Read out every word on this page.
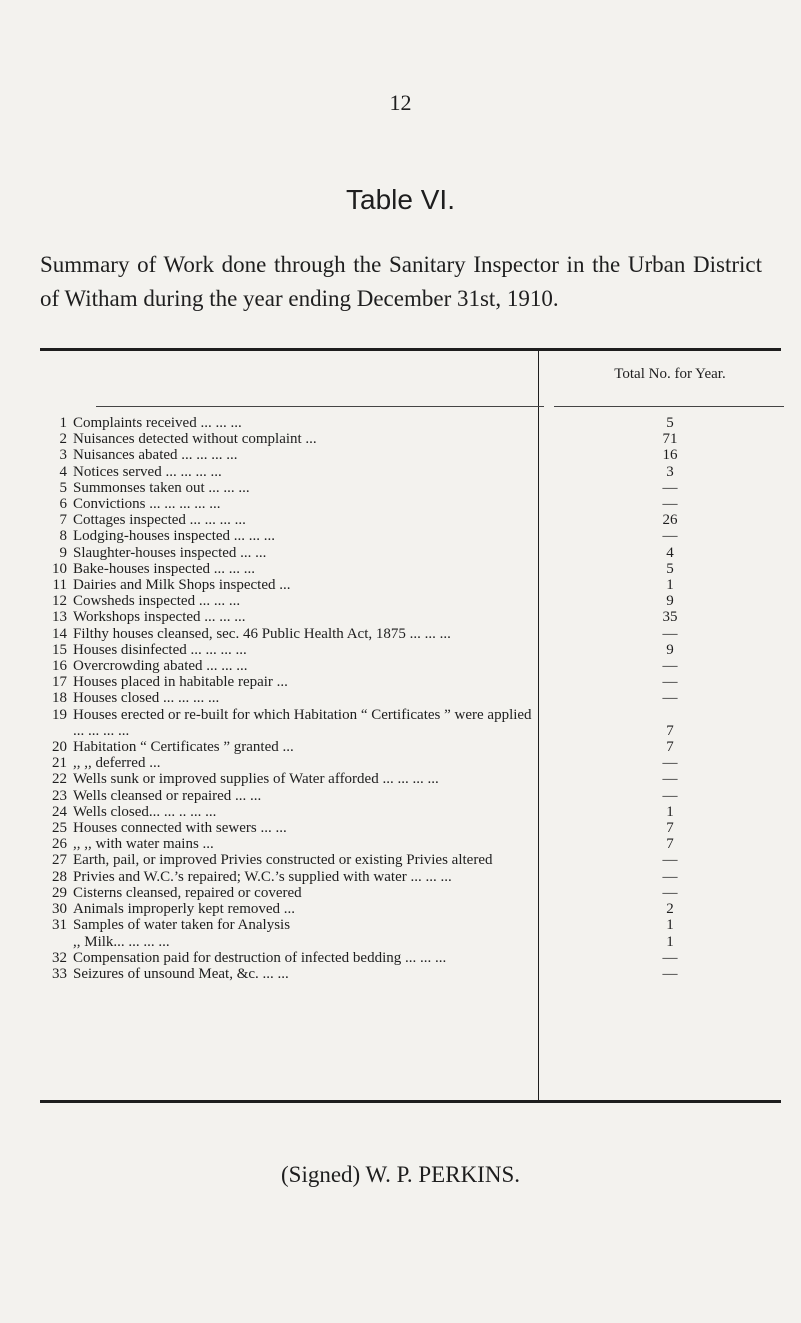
12
Table VI.
Summary of Work done through the Sanitary Inspector in the Urban District of Witham during the year ending December 31st, 1910.
Total No. for Year.
1 Complaints received ... ... ...	5
2 Nuisances detected without complaint ...	71
3 Nuisances abated ... ... ... ...	16
4 Notices served ... ... ... ...	3
5 Summonses taken out ... ... ...	—
6 Convictions ... ... ... ... ...	—
7 Cottages inspected ... ... ... ...	26
8 Lodging-houses inspected ... ... ...	—
9 Slaughter-houses inspected ... ...	4
10 Bake-houses inspected ... ... ...	5
11 Dairies and Milk Shops inspected ...	1
12 Cowsheds inspected ... ... ...	9
13 Workshops inspected ... ... ...	35
14 Filthy houses cleansed, sec. 46 Public Health Act, 1875 ... ... ...	—
15 Houses disinfected ... ... ... ...	9
16 Overcrowding abated ... ... ...	—
17 Houses placed in habitable repair ...	—
18 Houses closed ... ... ... ...	—
19 Houses erected or re-built for which Habitation “ Certificates ” were applied ... ... ... ...	7
20 Habitation “ Certificates ” granted ...	7
21 ,, ,, deferred ...	—
22 Wells sunk or improved supplies of Water afforded ... ... ... ...	—
23 Wells cleansed or repaired ... ...	—
24 Wells closed... ... .. ... ...	1
25 Houses connected with sewers ... ...	7
26 ,, ,, with water mains ...	7
27 Earth, pail, or improved Privies constructed or existing Privies altered	—
28 Privies and W.C.’s repaired; W.C.’s supplied with water ... ... ...	—
29 Cisterns cleansed, repaired or covered	—
30 Animals improperly kept removed ...	2
31 Samples of water taken for Analysis	1
,, Milk... ... ... ...	1
32 Compensation paid for destruction of infected bedding ... ... ...	—
33 Seizures of unsound Meat, &c. ... ...	—
(Signed) W. P. PERKINS.
